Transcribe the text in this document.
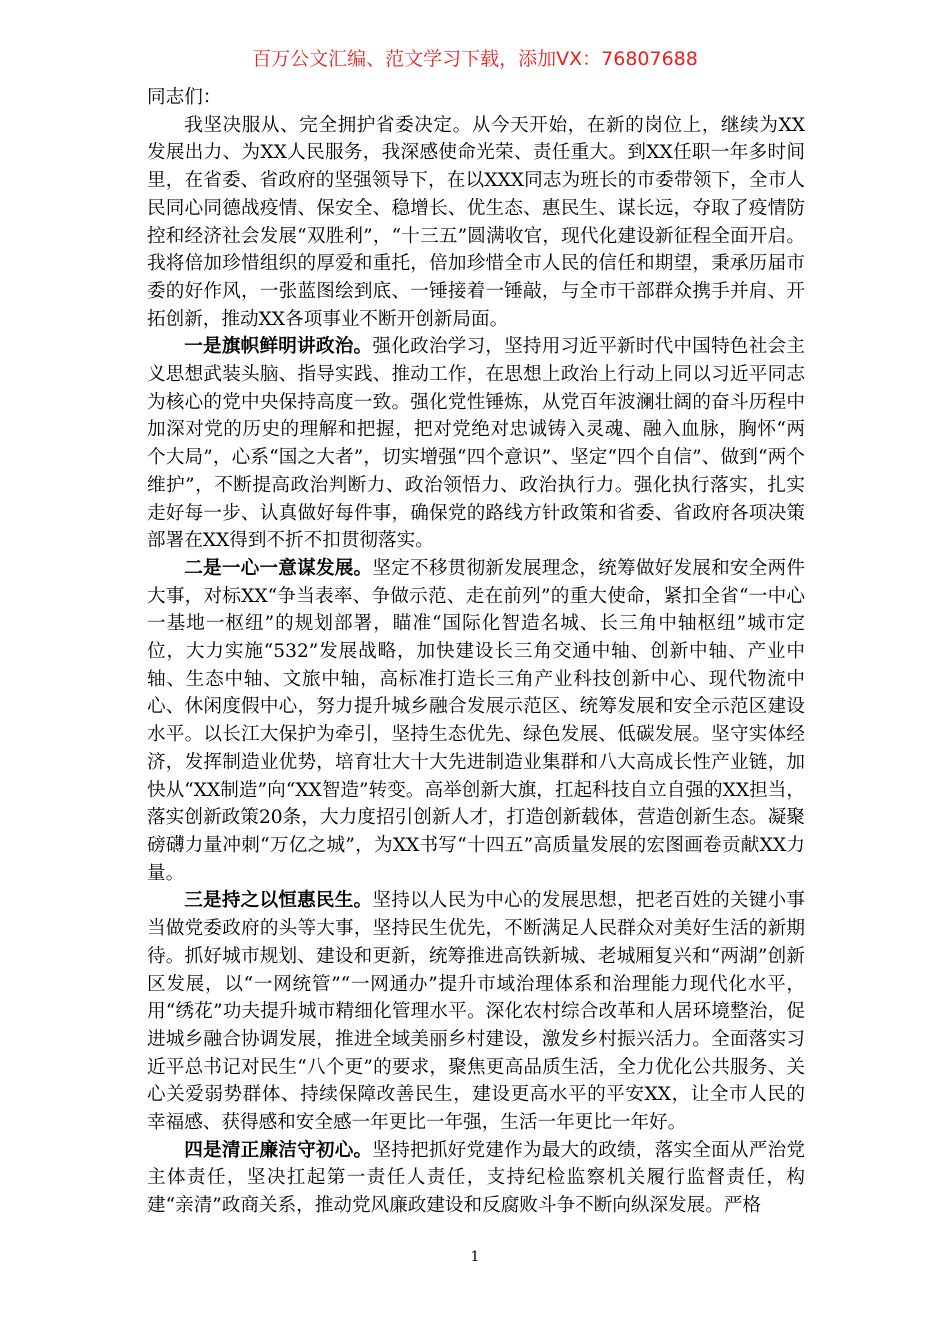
百万公文汇编、范文学习下载，添加VX：76807688

同志们：

我坚决服从、完全拥护省委决定。从今天开始，在新的岗位上，继续为XX发展出力、为XX人民服务，我深感使命光荣、责任重大。到XX任职一年多时间里，在省委、省政府的坚强领导下，在以XXX同志为班长的市委带领下，全市人民同心同德战疫情、保安全、稳增长、优生态、惠民生、谋长远，夺取了疫情防控和经济社会发展“双胜利”，“十三五”圆满收官，现代化建设新征程全面开启。我将倍加珍惜组织的厚爱和重托，倍加珍惜全市人民的信任和期望，秉承历届市委的好作风，一张蓝图绘到底、一锤接着一锤敲，与全市干部群众携手并肩、开拓创新，推动XX各项事业不断开创新局面。

一是旗帜鲜明讲政治。强化政治学习，坚持用习近平新时代中国特色社会主义思想武装头脑、指导实践、推动工作，在思想上政治上行动上同以习近平同志为核心的党中央保持高度一致。强化党性锤炼，从党百年波澜壮阔的奋斗历程中加深对党的历史的理解和把握，把对党绝对忠诚铸入灵魂、融入血脉，胸怀“两个大局”，心系“国之大者”，切实增强“四个意识”、坚定“四个自信”、做到“两个维护”，不断提高政治判断力、政治领悟力、政治执行力。强化执行落实，扎实走好每一步、认真做好每件事，确保党的路线方针政策和省委、省政府各项决策部署在XX得到不折不扣贯彻落实。

二是一心一意谋发展。坚定不移贯彻新发展理念，统筹做好发展和安全两件大事，对标XX“争当表率、争做示范、走在前列”的重大使命，紧扣全省“一中心一基地一枢纽”的规划部署，瞄准“国际化智造名城、长三角中轴枢纽”城市定位，大力实施“532”发展战略，加快建设长三角交通中轴、创新中轴、产业中轴、生态中轴、文旅中轴，高标准打造长三角产业科技创新中心、现代物流中心、休闲度假中心，努力提升城乡融合发展示范区、统筹发展和安全示范区建设水平。以长江大保护为牵引，坚持生态优先、绿色发展、低碳发展。坚守实体经济，发挥制造业优势，培育壮大十大先进制造业集群和八大高成长性产业链，加快从“XX制造”向“XX智造”转变。高举创新大旗，扛起科技自立自强的XX担当，落实创新政策20条，大力度招引创新人才，打造创新载体，营造创新生态。凝聚磅礴力量冲刺“万亿之城”，为XX书写“十四五”高质量发展的宏图画卷贡献XX力量。

三是持之以恒惠民生。坚持以人民为中心的发展思想，把老百姓的关键小事当做党委政府的头等大事，坚持民生优先，不断满足人民群众对美好生活的新期待。抓好城市规划、建设和更新，统筹推进高铁新城、老城厢复兴和“两湖”创新区发展，以“一网统管”“一网通办”提升市域治理体系和治理能力现代化水平，用“绣花”功夫提升城市精细化管理水平。深化农村综合改革和人居环境整治，促进城乡融合协调发展，推进全域美丽乡村建设，激发乡村振兴活力。全面落实习近平总书记对民生“八个更”的要求，聚焦更高品质生活，全力优化公共服务、关心关爱弱势群体、持续保障改善民生，建设更高水平的平安XX，让全市人民的幸福感、获得感和安全感一年更比一年强，生活一年更比一年好。

四是清正廉洁守初心。坚持把抓好党建作为最大的政绩，落实全面从严治党主体责任，坚决扛起第一责任人责任，支持纪检监察机关履行监督责任，构建“亲清”政商关系，推动党风廉政建设和反腐败斗争不断向纵深发展。严格

1
